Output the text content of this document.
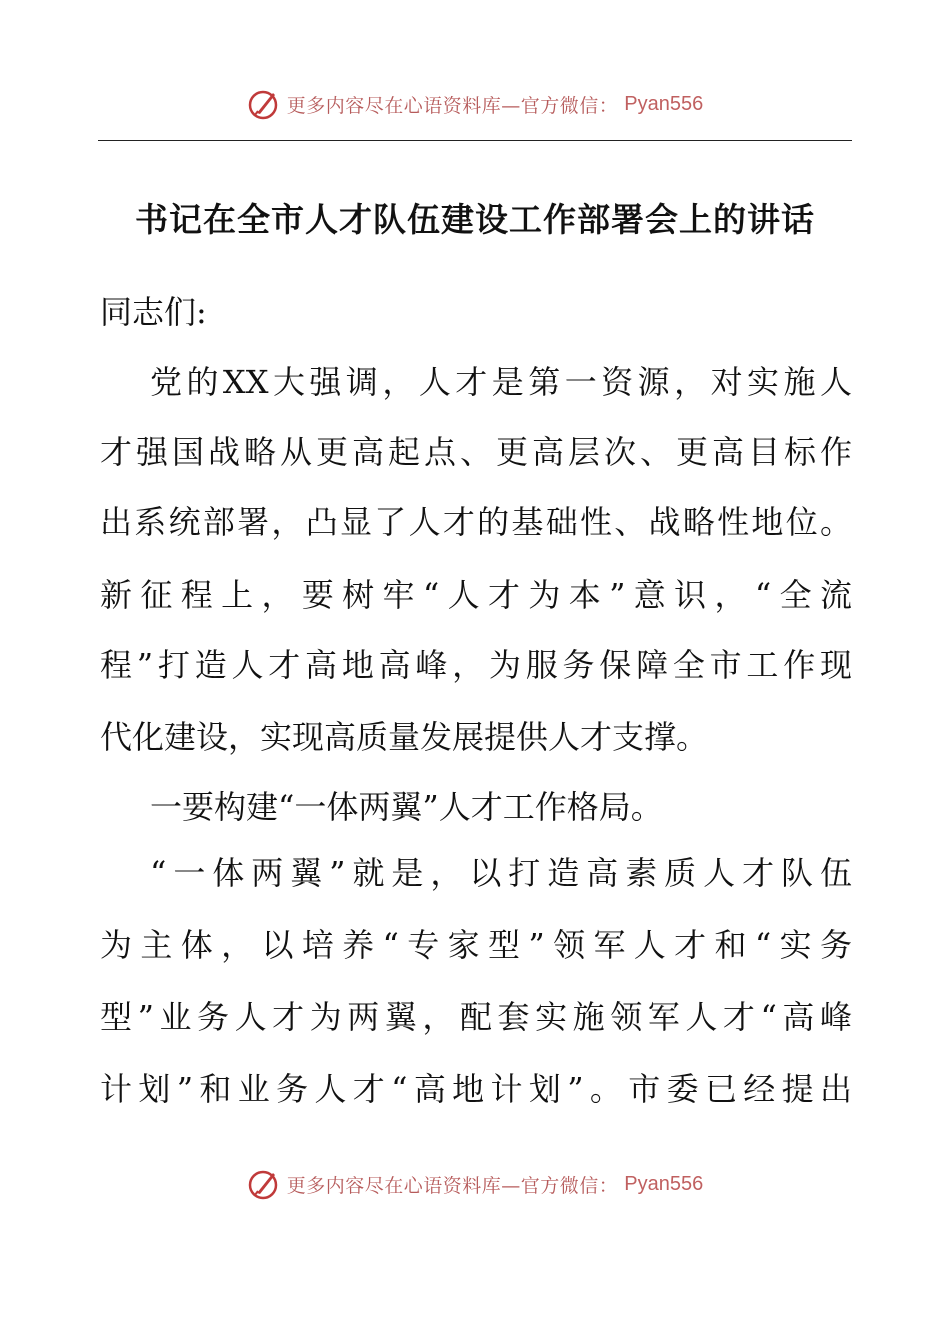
更多内容尽在心语资料库—官方微信： Pyan556
书记在全市人才队伍建设工作部署会上的讲话

同志们:

党的XX大强调，人才是第一资源，对实施人

才强国战略从更高起点、更高层次、更高目标作

出系统部署，凸显了人才的基础性、战略性地位。

新征程上，要树牢“人才为本”意识，“全流

程”打造人才高地高峰，为服务保障全市工作现

代化建设，实现高质量发展提供人才支撑。

一要构建“一体两翼”人才工作格局。

“一体两翼”就是，以打造高素质人才队伍

为主体，以培养“专家型”领军人才和“实务

型”业务人才为两翼，配套实施领军人才“高峰

计划”和业务人才“高地计划”。市委已经提出

更多内容尽在心语资料库—官方微信： Pyan556
